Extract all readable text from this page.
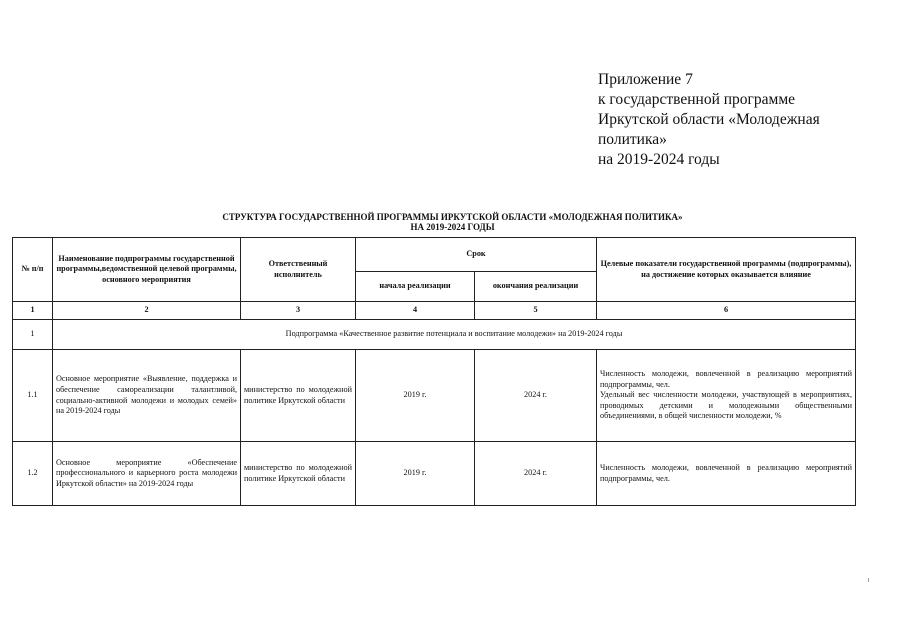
Приложение 7
к государственной программе
Иркутской области «Молодежная
политика»
на 2019-2024 годы
СТРУКТУРА ГОСУДАРСТВЕННОЙ ПРОГРАММЫ ИРКУТСКОЙ ОБЛАСТИ «МОЛОДЕЖНАЯ ПОЛИТИКА»
НА 2019-2024 ГОДЫ
№ п/п	Наименование подпрограммы государственной программы,ведомственной целевой программы, основного мероприятия	Ответственный исполнитель	Срок		Целевые показатели государственной программы (подпрограммы), на достижение которых оказывается влияние
			начала реализации	окончания реализации	
1	2	3	4	5	6
1	Подпрограмма «Качественное развитие потенциала и воспитание молодежи» на 2019-2024 годы				
1.1	Основное мероприятие «Выявление, поддержка и обеспечение самореализации талантливой, социально-активной молодежи и молодых семей» на 2019-2024 годы	министерство по молодежной политике Иркутской области	2019 г.	2024 г.	Численность молодежи, вовлеченной в реализацию мероприятий подпрограммы, чел.
Удельный вес численности молодежи, участвующей в мероприятиях, проводимых детскими и молодежными общественными объединениями, в общей численности молодежи, %

1.2	Основное мероприятие «Обеспечение профессионального и карьерного роста молодежи Иркутской области» на 2019-2024 годы	министерство по молодежной политике Иркутской области	2019 г.	2024 г.	Численность молодежи, вовлеченной в реализацию мероприятий подпрограммы, чел.
